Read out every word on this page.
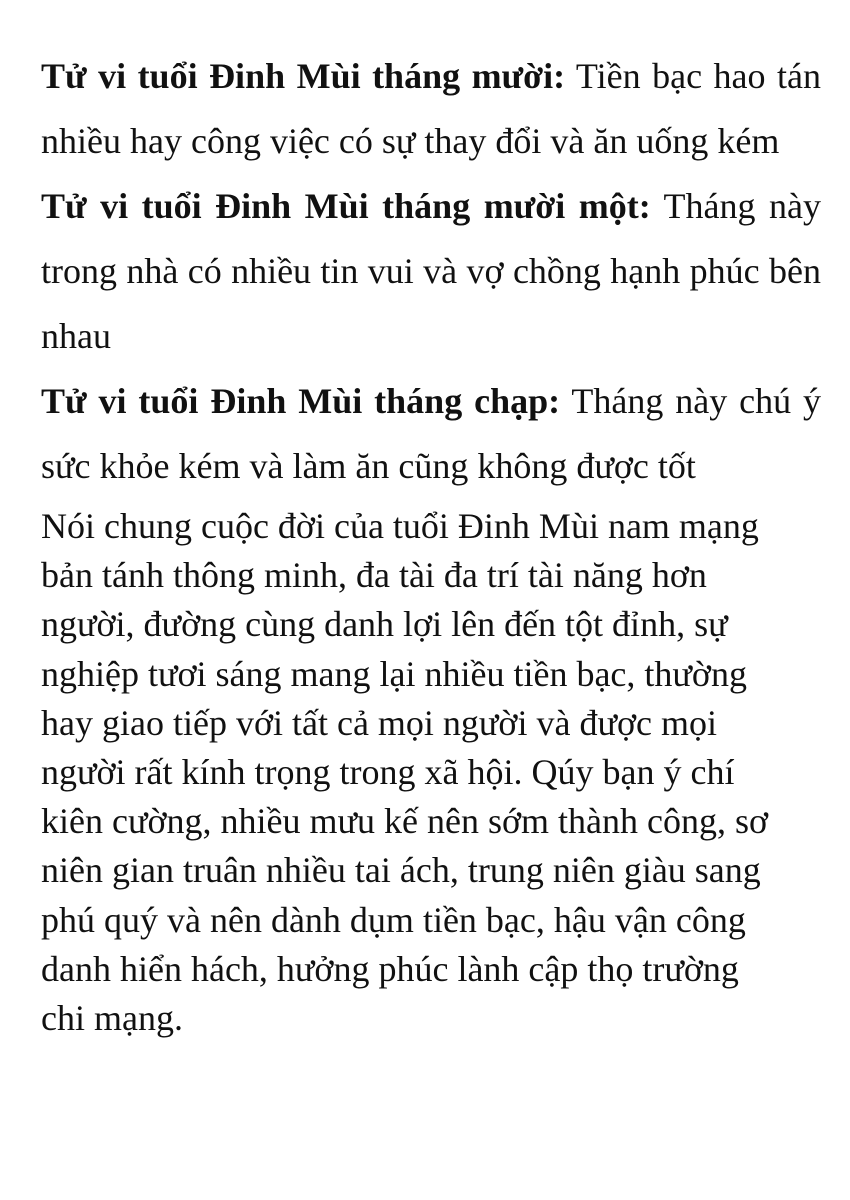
Tử vi tuổi Đinh Mùi tháng mười: Tiền bạc hao tán nhiều hay công việc có sự thay đổi và ăn uống kém

Tử vi tuổi Đinh Mùi tháng mười một: Tháng này trong nhà có nhiều tin vui và vợ chồng hạnh phúc bên nhau

Tử vi tuổi Đinh Mùi tháng chạp: Tháng này chú ý sức khỏe kém và làm ăn cũng không được tốt

Nói chung cuộc đời của tuổi Đinh Mùi nam mạng
bản tánh thông minh, đa tài đa trí tài năng hơn
người, đường cùng danh lợi lên đến tột đỉnh, sự
nghiệp tươi sáng mang lại nhiều tiền bạc, thường
hay giao tiếp với tất cả mọi người và được mọi
người rất kính trọng trong xã hội. Qúy bạn ý chí
kiên cường, nhiều mưu kế nên sớm thành công, sơ
niên gian truân nhiều tai ách, trung niên giàu sang
phú quý và nên dành dụm tiền bạc, hậu vận công
danh hiển hách, hưởng phúc lành cập thọ trường
chi mạng.
